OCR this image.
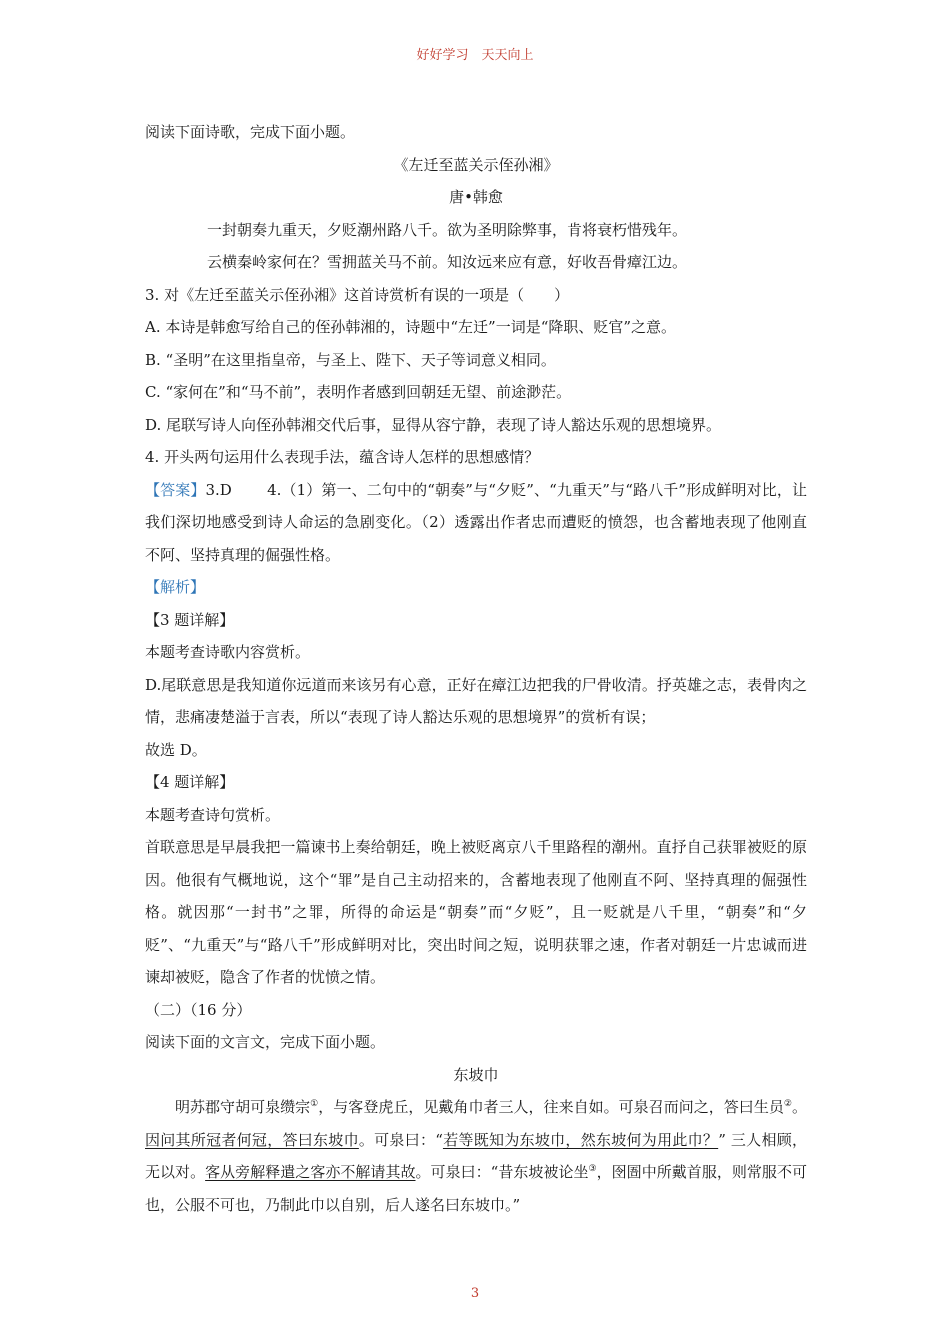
好好学习　天天向上

阅读下面诗歌，完成下面小题。

《左迁至蓝关示侄孙湘》

唐•韩愈

一封朝奏九重天，夕贬潮州路八千。欲为圣明除弊事，肯将衰朽惜残年。

云横秦岭家何在？雪拥蓝关马不前。知汝远来应有意，好收吾骨瘴江边。

3. 对《左迁至蓝关示侄孙湘》这首诗赏析有误的一项是（　　）

A. 本诗是韩愈写给自己的侄孙韩湘的，诗题中“左迁”一词是“降职、贬官”之意。

B. “圣明”在这里指皇帝，与圣上、陛下、天子等词意义相同。

C. “家何在”和“马不前”，表明作者感到回朝廷无望、前途渺茫。

D. 尾联写诗人向侄孙韩湘交代后事，显得从容宁静，表现了诗人豁达乐观的思想境界。

4. 开头两句运用什么表现手法，蕴含诗人怎样的思想感情？

【答案】3.D　　 4.（1）第一、二句中的“朝奏”与“夕贬”、“九重天”与“路八千”形成鲜明对比，让我们深切地感受到诗人命运的急剧变化。（2）透露出作者忠而遭贬的愤怨，也含蓄地表现了他刚直不阿、坚持真理的倔强性格。

【解析】

【3 题详解】

本题考查诗歌内容赏析。

D.尾联意思是我知道你远道而来该另有心意，正好在瘴江边把我的尸骨收清。抒英雄之志，表骨肉之情，悲痛凄楚溢于言表，所以“表现了诗人豁达乐观的思想境界”的赏析有误；

故选 D。

【4 题详解】

本题考查诗句赏析。

首联意思是早晨我把一篇谏书上奏给朝廷，晚上被贬离京八千里路程的潮州。直抒自己获罪被贬的原因。他很有气概地说，这个“罪”是自己主动招来的，含蓄地表现了他刚直不阿、坚持真理的倔强性格。就因那“一封书”之罪，所得的命运是“朝奏”而“夕贬”，且一贬就是八千里，“朝奏”和“夕贬”、“九重天”与“路八千”形成鲜明对比，突出时间之短，说明获罪之速，作者对朝廷一片忠诚而进谏却被贬，隐含了作者的忧愤之情。

（二）（16 分）

阅读下面的文言文，完成下面小题。

东坡巾

明苏郡守胡可泉缵宗①，与客登虎丘，见戴角巾者三人，往来自如。可泉召而问之，答曰生员②。因问其所冠者何冠，答曰东坡巾。可泉曰：“若等既知为东坡巾，然东坡何为用此巾？” 三人相顾，无以对。客从旁解释遣之客亦不解请其故。可泉曰：“昔东坡被论坐③，囹圄中所戴首服，则常服不可也，公服不可也，乃制此巾以自别，后人遂名曰东坡巾。”

3
